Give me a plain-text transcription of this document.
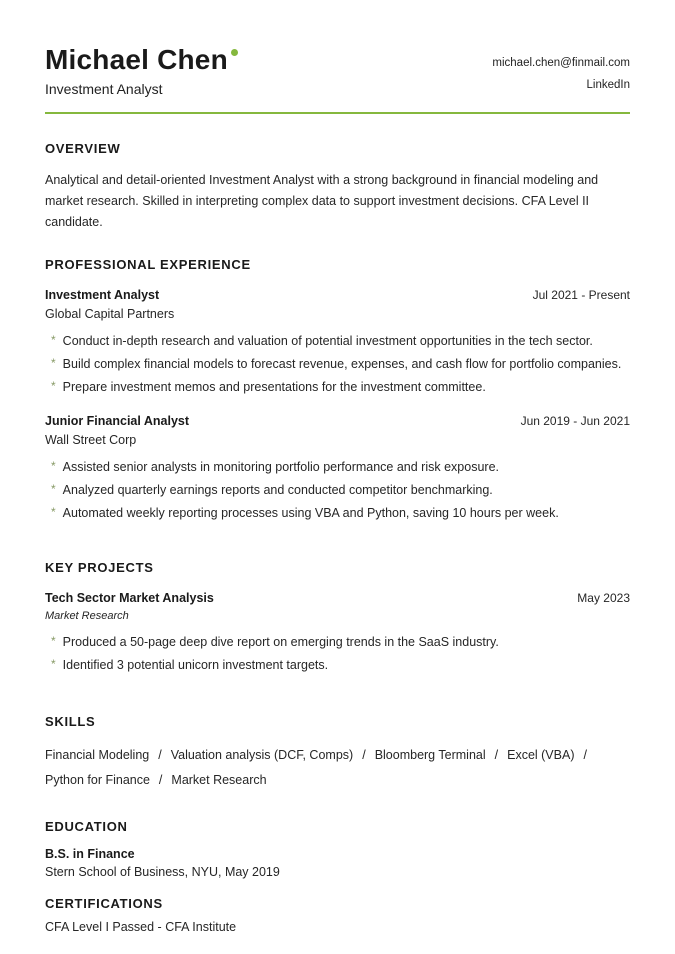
Michael Chen
Investment Analyst
michael.chen@finmail.com
LinkedIn
OVERVIEW

Analytical and detail-oriented Investment Analyst with a strong background in financial modeling and market research. Skilled in interpreting complex data to support investment decisions. CFA Level II candidate.

PROFESSIONAL EXPERIENCE
Investment Analyst	Jul 2021 - Present
Global Capital Partners
* Conduct in-depth research and valuation of potential investment opportunities in the tech sector.
* Build complex financial models to forecast revenue, expenses, and cash flow for portfolio companies.
* Prepare investment memos and presentations for the investment committee.
Junior Financial Analyst	Jun 2019 - Jun 2021
Wall Street Corp
* Assisted senior analysts in monitoring portfolio performance and risk exposure.
* Analyzed quarterly earnings reports and conducted competitor benchmarking.
* Automated weekly reporting processes using VBA and Python, saving 10 hours per week.
KEY PROJECTS
Tech Sector Market Analysis	May 2023
Market Research
* Produced a 50-page deep dive report on emerging trends in the SaaS industry.
* Identified 3 potential unicorn investment targets.
SKILLS
Financial Modeling / Valuation analysis (DCF, Comps) / Bloomberg Terminal / Excel (VBA) /
Python for Finance / Market Research
EDUCATION
B.S. in Finance
Stern School of Business, NYU, May 2019
CERTIFICATIONS
CFA Level I Passed - CFA Institute
